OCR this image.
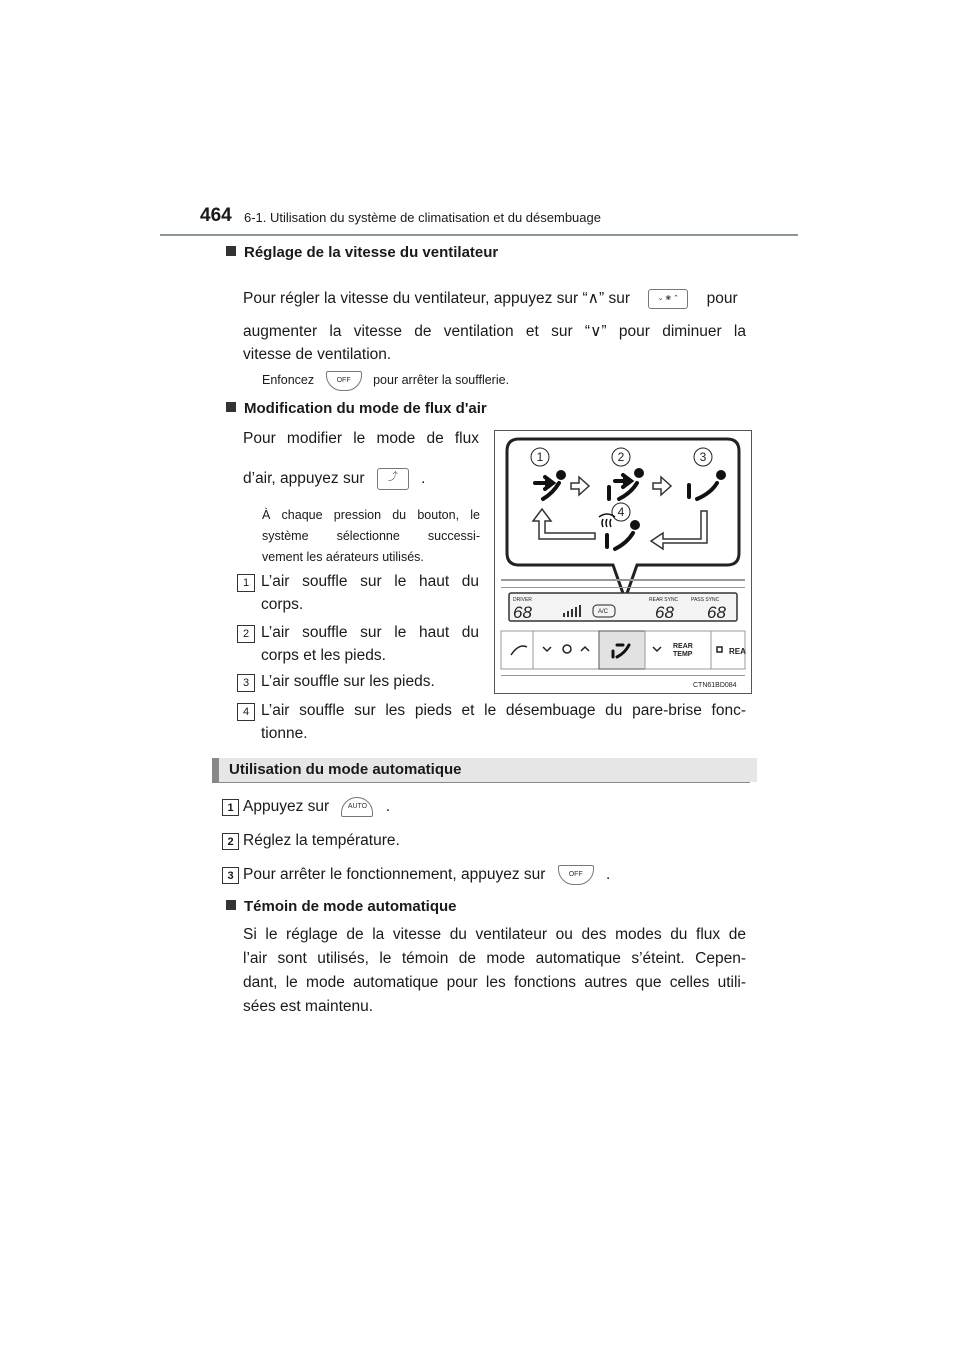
464 6-1. Utilisation du système de climatisation et du désembuage
Réglage de la vitesse du ventilateur
Pour régler la vitesse du ventilateur, appuyez sur “∧” sur	⌄ ❀ ⌃ pour
augmenter la vitesse de ventilation et sur “∨” pour diminuer la
vitesse de ventilation.
Enfoncez	OFF pour arrêter la soufflerie.
Modification du mode de flux d'air
Pour modifier le mode de flux
d’air, appuyez sur ⤴ .
À chaque pression du bouton, le
système sélectionne successi-
vement les aérateurs utilisés.
1 L’air souffle sur le haut du
corps.
2 L’air souffle sur le haut du
corps et les pieds.
3 L’air souffle sur les pieds.
4 L’air souffle sur les pieds et le désembuage du pare-brise fonc-
tionne.
1	2	3
4
DRIVER
68
REAR SYNC	PASS SYNC
68 68
A/C
REAR
TEMP	REA
CTN61BD084
Utilisation du mode automatique
1 Appuyez sur	AUTO .
2 Réglez la température.
3 Pour arrêter le fonctionnement, appuyez sur	OFF .
Témoin de mode automatique
Si le réglage de la vitesse du ventilateur ou des modes du flux de
l’air sont utilisés, le témoin de mode automatique s’éteint. Cepen-
dant, le mode automatique pour les fonctions autres que celles utili-
sées est maintenu.
